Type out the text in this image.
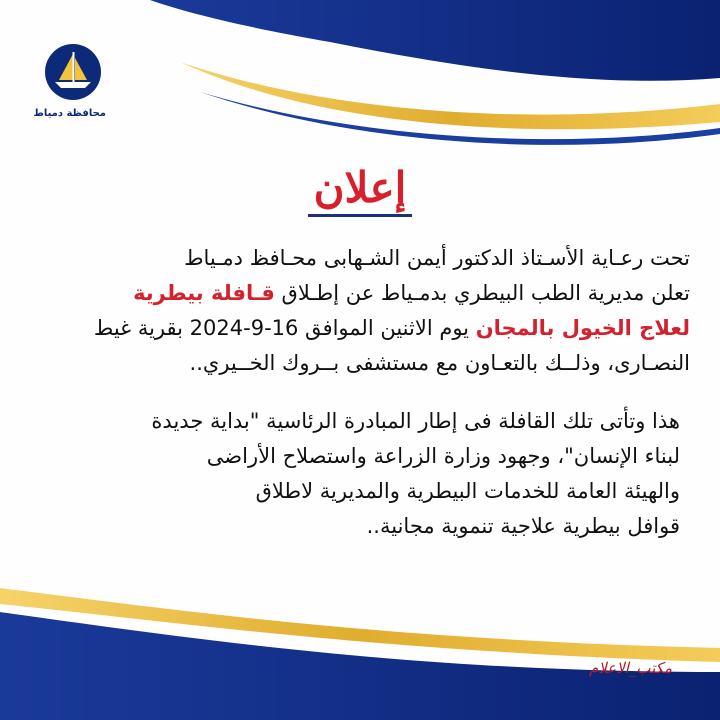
محافظة دمياط
إعلان
تحت رعـاية الأسـتاذ الدكتور أيمن الشـهابى محـافظ دمـياط
تعلن مديرية الطب البيطري بدمـياط عن إطـلاق قـافلة بيطرية
لعلاج الخيول بالمجان يوم الاثنين الموافق 16-9-2024 بقرية غيط
النصـارى، وذلــك بالتعـاون مع مستشفى بــروك الخــيري..
هذا وتأتى تلك القافلة فى إطار المبادرة الرئاسية "بداية جديدة
لبناء الإنسان"، وجهود وزارة الزراعة واستصلاح الأراضى
والهيئة العامة للخدمات البيطرية والمديرية لاطلاق
قوافل بيطرية علاجية تنموية مجانية..
مكتب_الاعلام
